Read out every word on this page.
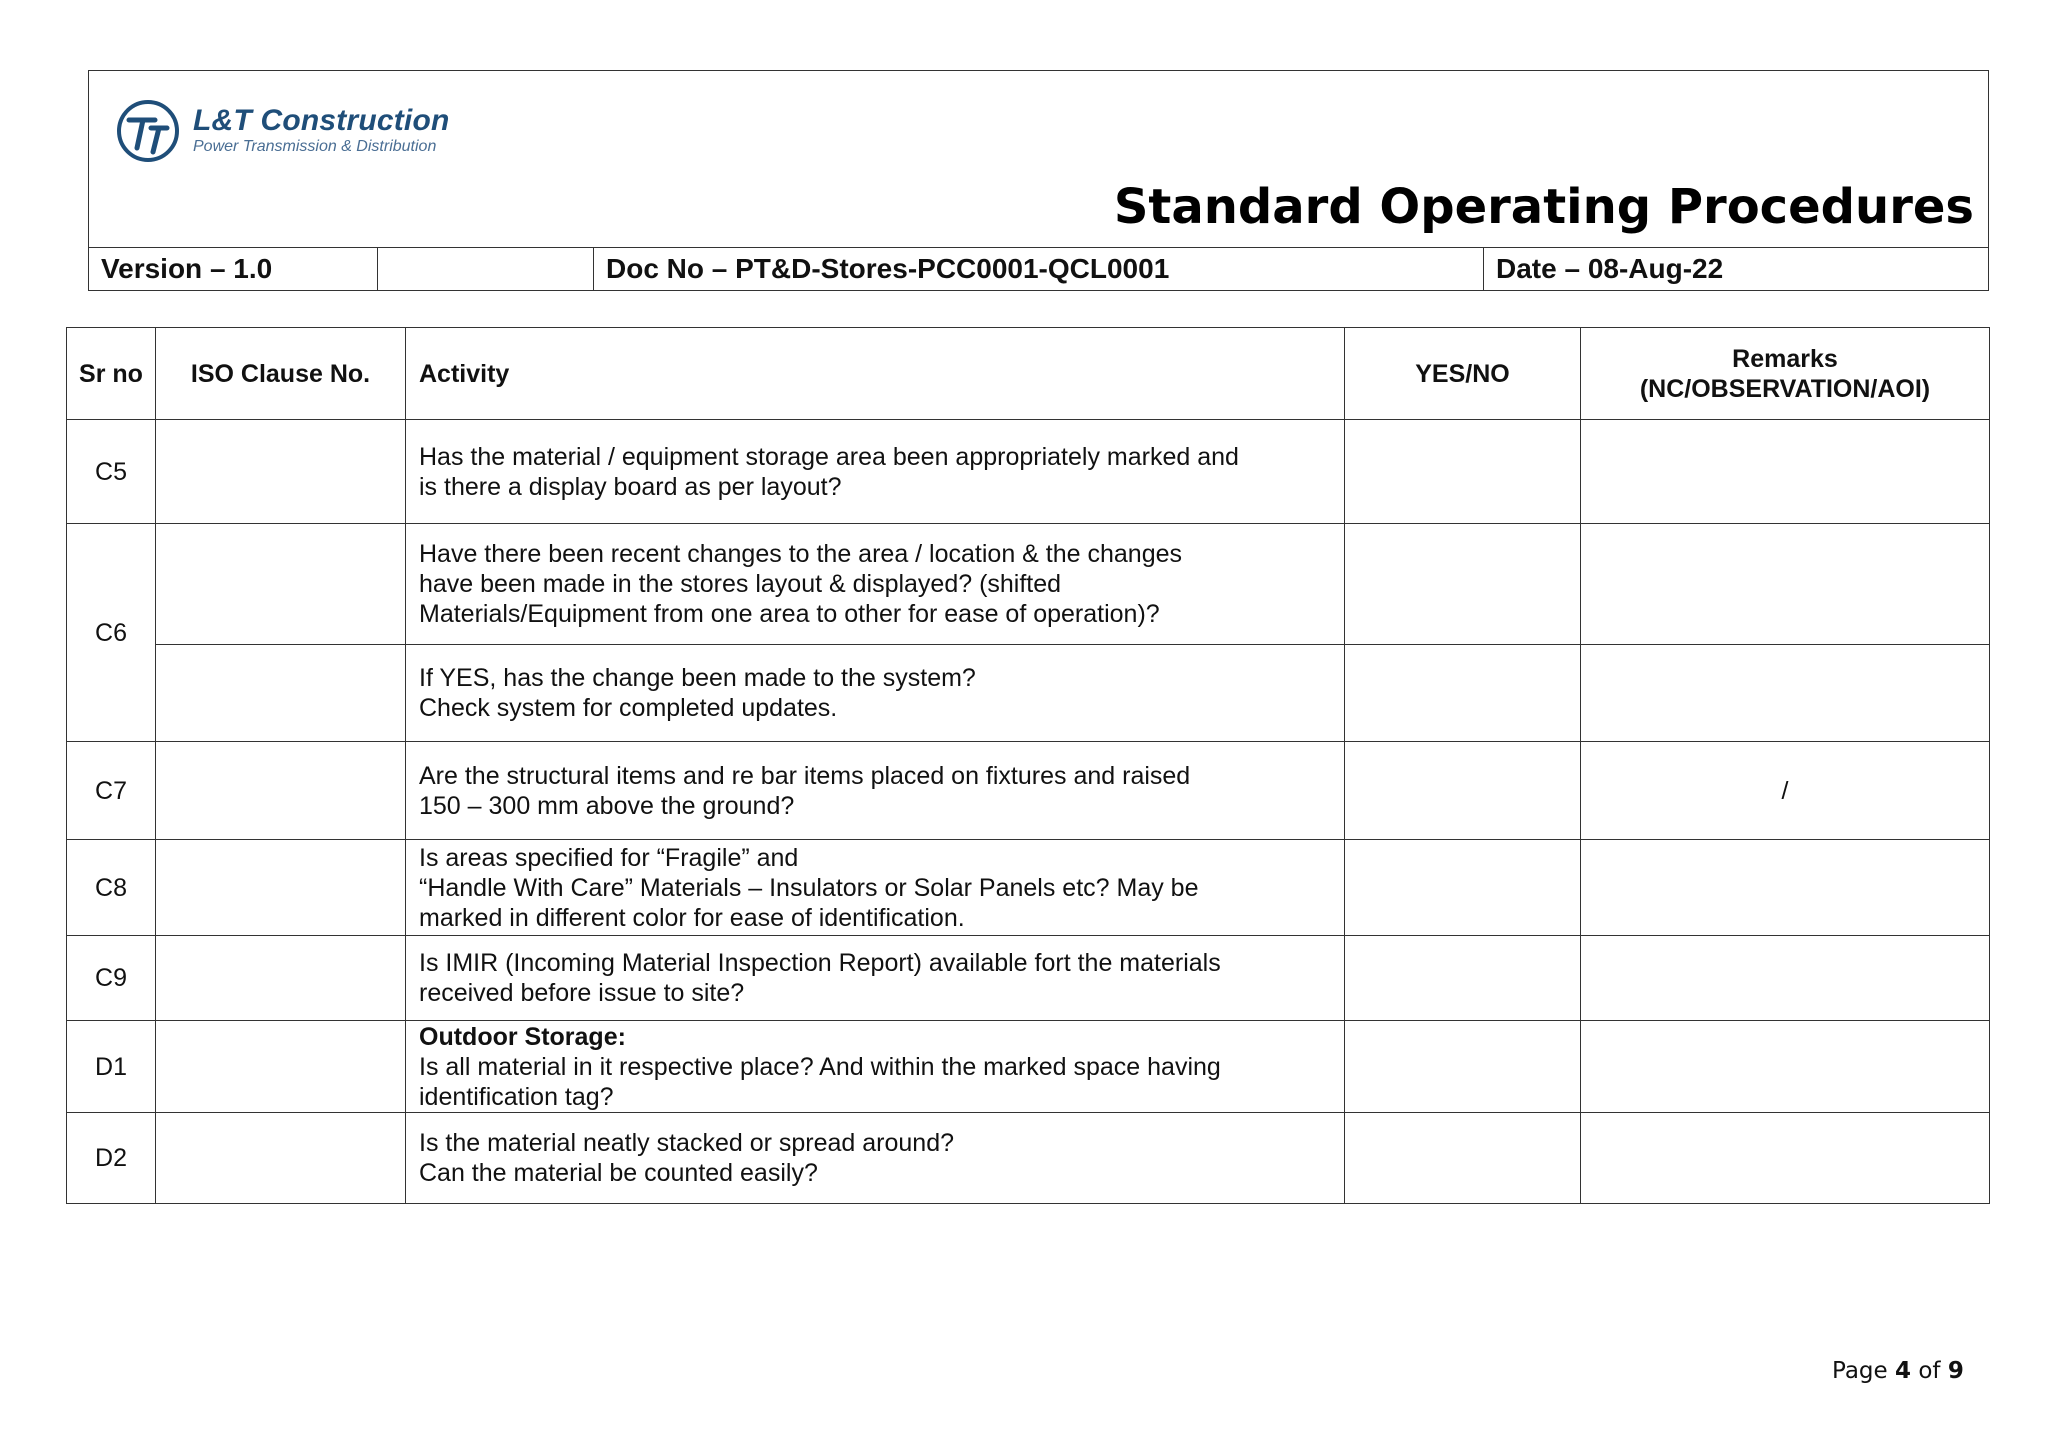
L&T Construction
Power Transmission & Distribution
Standard Operating Procedures
Version – 1.0	Doc No – PT&D-Stores-PCC0001-QCL0001	Date – 08-Aug-22
Sr no	ISO Clause No.	Activity	YES/NO	Remarks (NC/OBSERVATION/AOI)
C5		Has the material / equipment storage area been appropriately marked and
is there a display board as per layout?		

C6		Have there been recent changes to the area / location & the changes
have been made in the stores layout & displayed? (shifted
Materials/Equipment from one area to other for ease of operation)?		

		If YES, has the change been made to the system?
Check system for completed updates.		

C7		Are the structural items and re bar items placed on fixtures and raised
150 – 300 mm above the ground?		/
C8		Is areas specified for “Fragile” and
“Handle With Care” Materials – Insulators or Solar Panels etc? May be
marked in different color for ease of identification.		

C9		Is IMIR (Incoming Material Inspection Report) available fort the materials
received before issue to site?		

D1		Outdoor Storage:
Is all material in it respective place? And within the marked space having
identification tag?		

D2		Is the material neatly stacked or spread around?
Can the material be counted easily?		

Page 4 of 9
